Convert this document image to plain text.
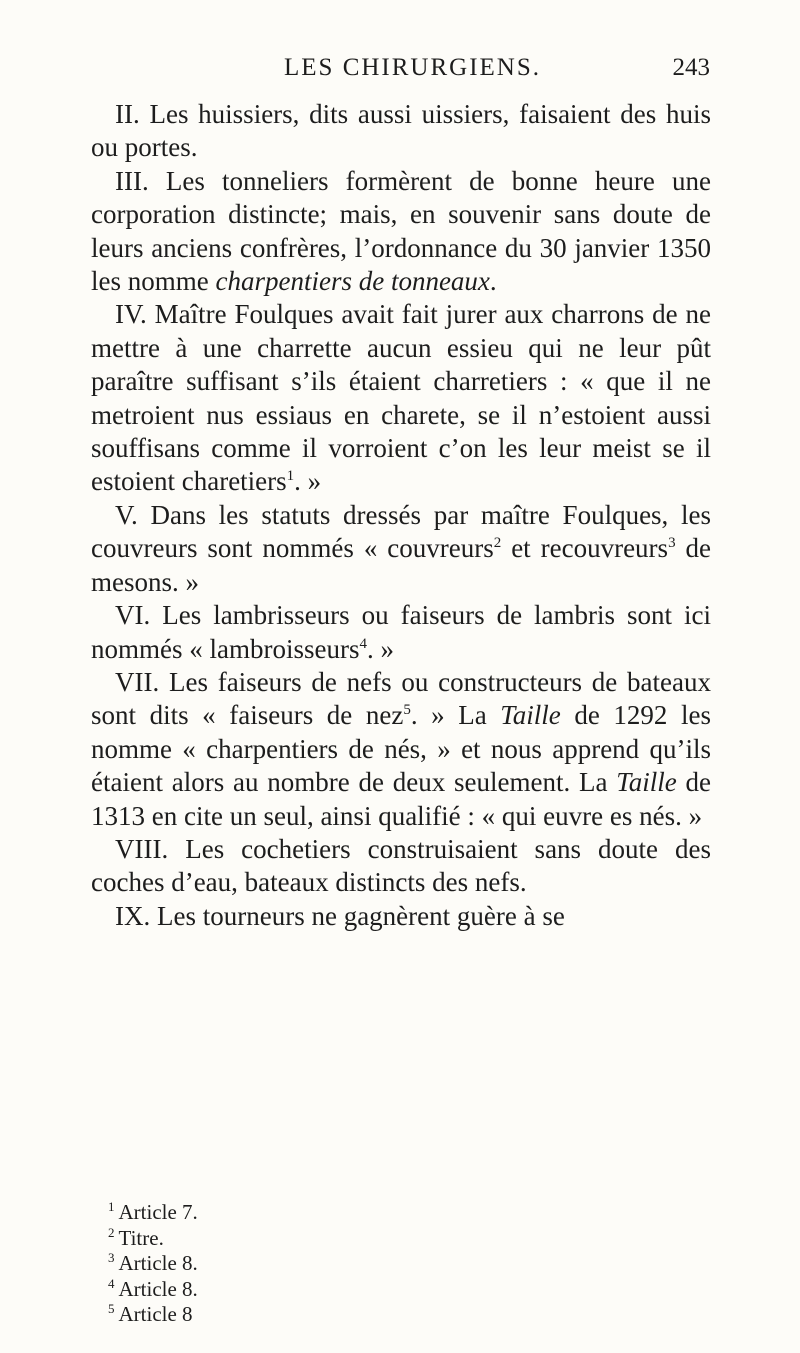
LES CHIRURGIENS.	243

II. Les huissiers, dits aussi uissiers, faisaient des huis ou portes.

III. Les tonneliers formèrent de bonne heure une corporation distincte; mais, en souvenir sans doute de leurs anciens confrères, l’ordonnance du 30 janvier 1350 les nomme charpentiers de tonneaux.

IV. Maître Foulques avait fait jurer aux charrons de ne mettre à une charrette aucun essieu qui ne leur pût paraître suffisant s’ils étaient charretiers : « que il ne metroient nus essiaus en charete, se il n’estoient aussi souffisans comme il vorroient c’on les leur meist se il estoient charetiers$^1$. »

V. Dans les statuts dressés par maître Foulques, les couvreurs sont nommés « couvreurs$^2$ et recouvreurs$^3$ de mesons. »

VI. Les lambrisseurs ou faiseurs de lambris sont ici nommés « lambroisseurs$^4$. »

VII. Les faiseurs de nefs ou constructeurs de bateaux sont dits « faiseurs de nez$^5$. » La Taille de 1292 les nomme « charpentiers de nés, » et nous apprend qu’ils étaient alors au nombre de deux seulement. La Taille de 1313 en cite un seul, ainsi qualifié : « qui euvre es nés. »

VIII. Les cochetiers construisaient sans doute des coches d’eau, bateaux distincts des nefs.

IX. Les tourneurs ne gagnèrent guère à se

$^1$ Article 7.
$^2$ Titre.
$^3$ Article 8.
$^4$ Article 8.
$^5$ Article 8
